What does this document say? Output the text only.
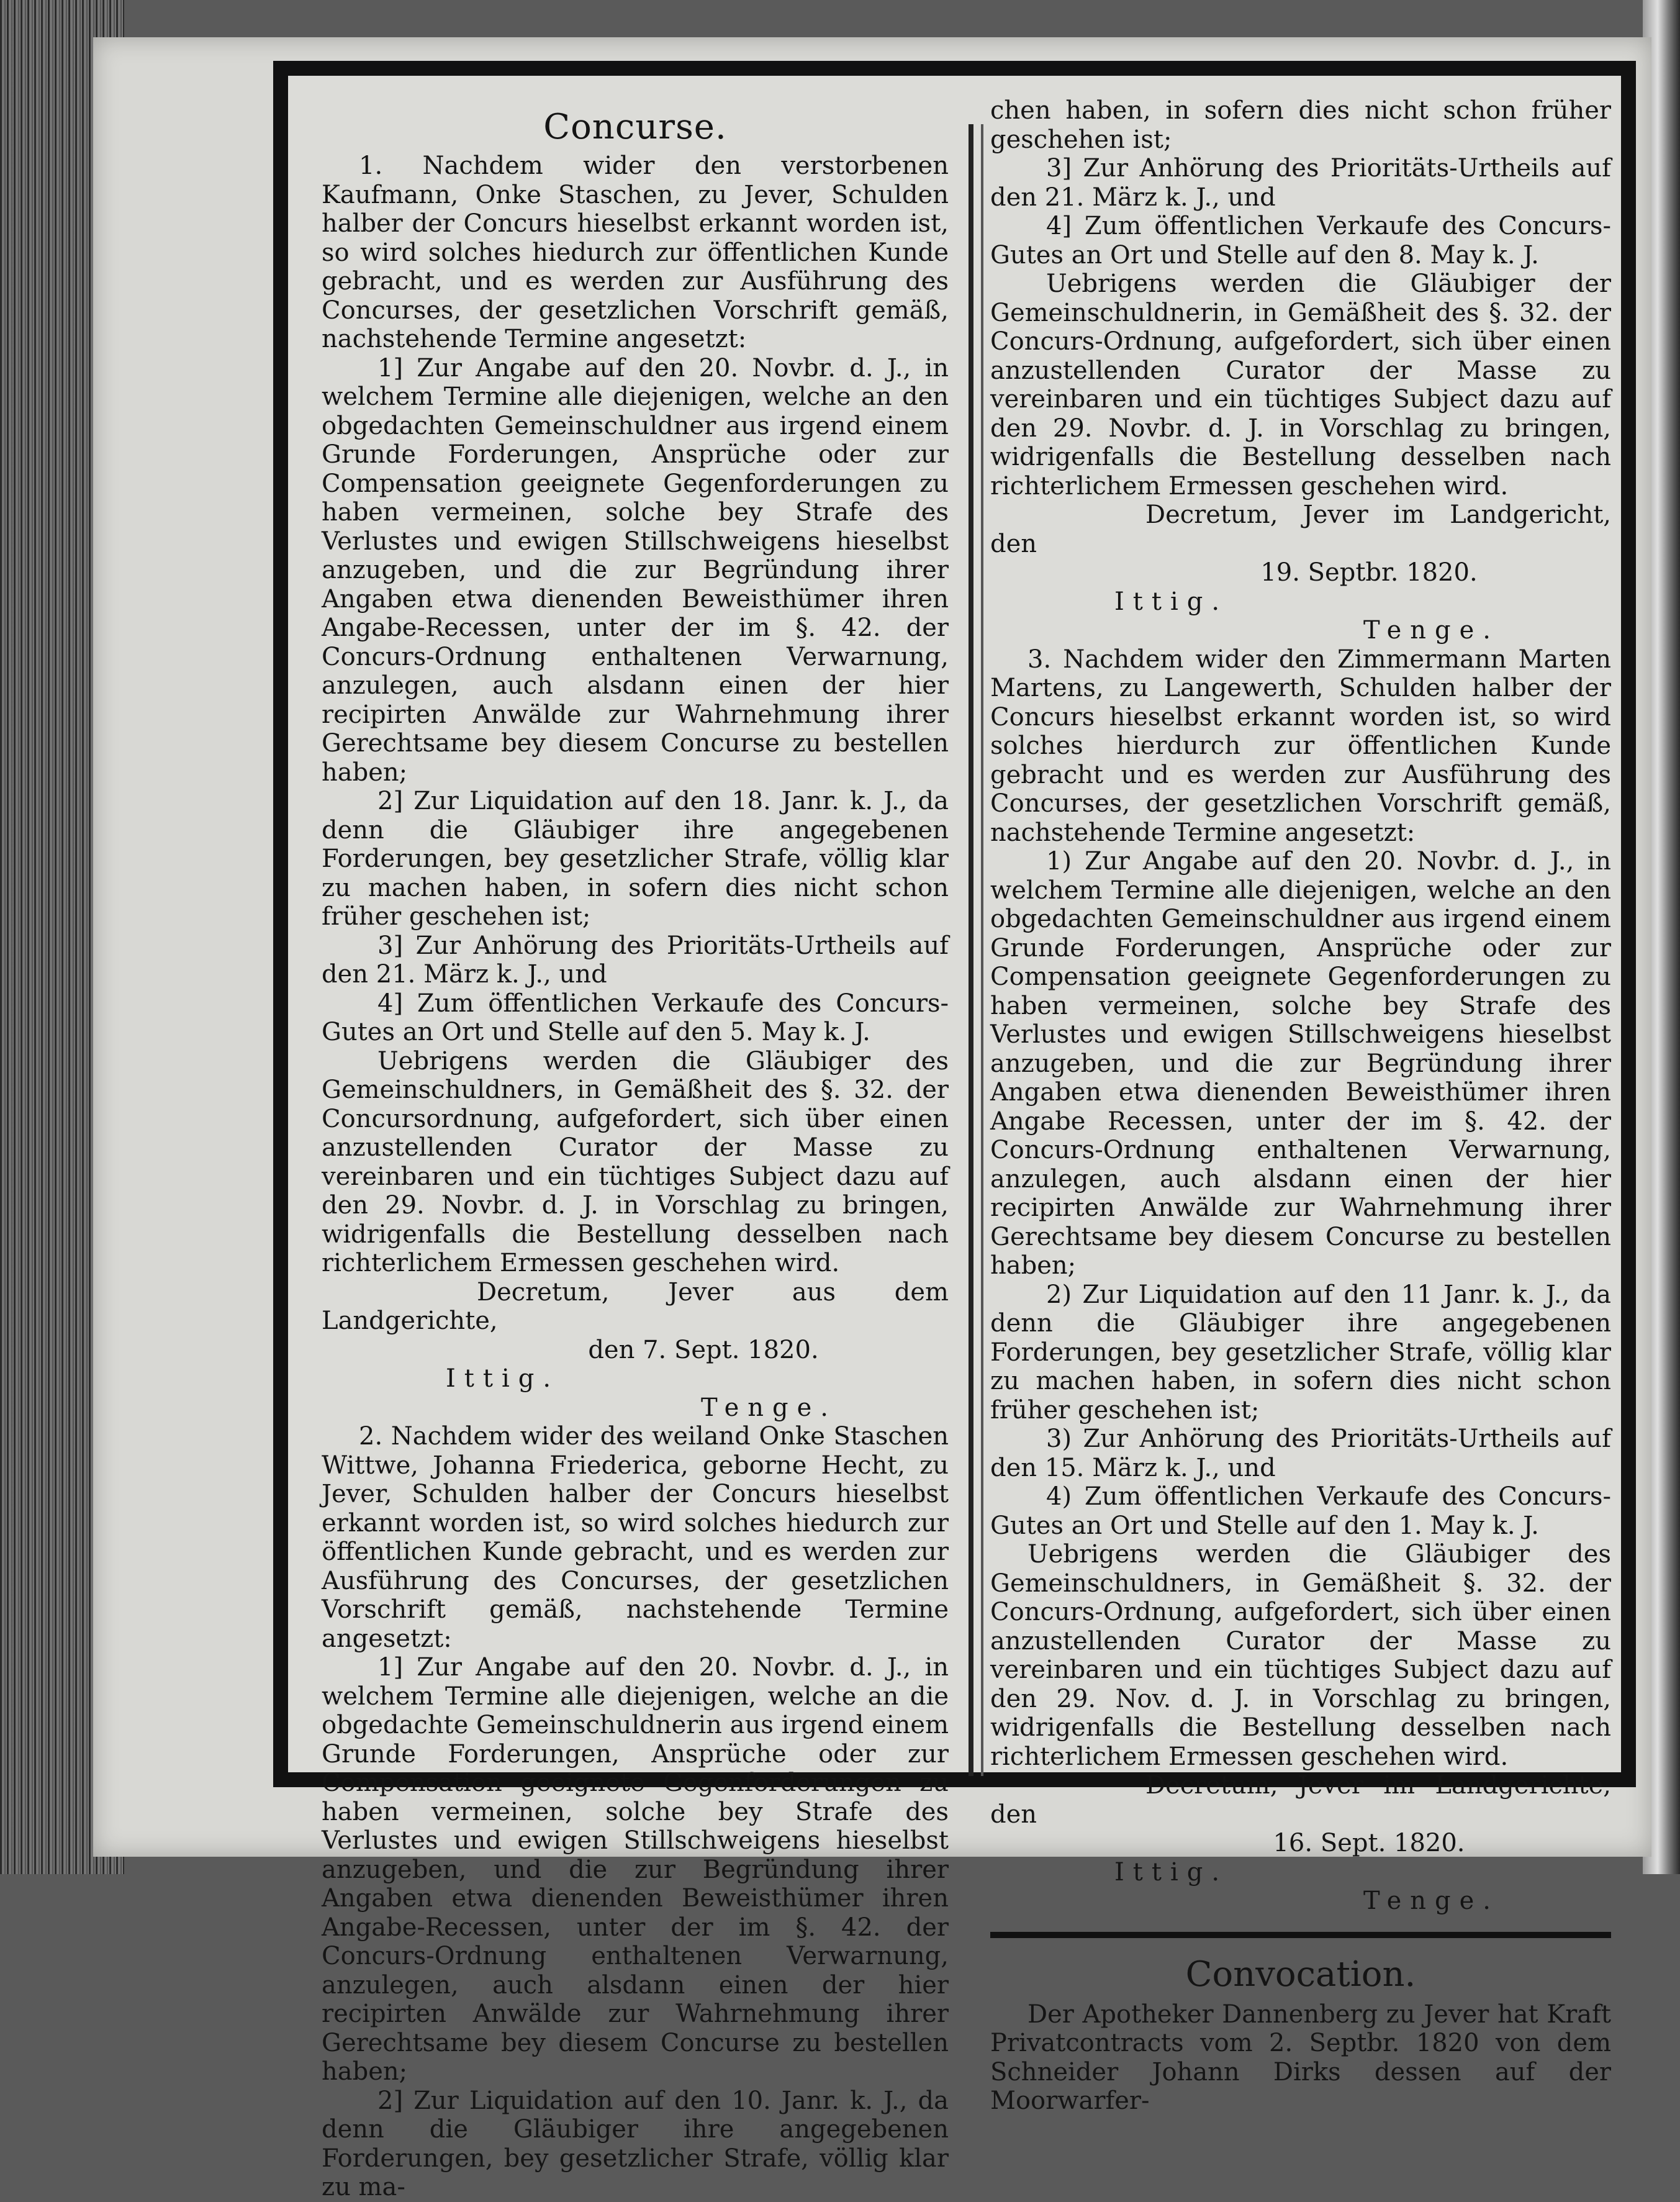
Concurse.

1. Nachdem wider den verstorbenen Kaufmann, Onke Staschen, zu Jever, Schulden halber der Concurs hieselbst erkannt worden ist, so wird solches hiedurch zur öffentlichen Kunde gebracht, und es werden zur Ausführung des Concurses, der gesetzlichen Vorschrift gemäß, nachstehende Termine angesetzt:

1] Zur Angabe auf den 20. Novbr. d. J., in welchem Termine alle diejenigen, welche an den obgedachten Gemeinschuldner aus irgend einem Grunde Forderungen, Ansprüche oder zur Compensation geeignete Gegenforderungen zu haben vermeinen, solche bey Strafe des Verlustes und ewigen Stillschweigens hieselbst anzugeben, und die zur Begründung ihrer Angaben etwa dienenden Beweisthümer ihren Angabe-Recessen, unter der im §. 42. der Concurs-Ordnung enthaltenen Verwarnung, anzulegen, auch alsdann einen der hier recipirten Anwälde zur Wahrnehmung ihrer Gerechtsame bey diesem Concurse zu bestellen haben;

2] Zur Liquidation auf den 18. Janr. k. J., da denn die Gläubiger ihre angegebenen Forderungen, bey gesetzlicher Strafe, völlig klar zu machen haben, in sofern dies nicht schon früher geschehen ist;

3] Zur Anhörung des Prioritäts-Urtheils auf den 21. März k. J., und

4] Zum öffentlichen Verkaufe des Concurs-Gutes an Ort und Stelle auf den 5. May k. J.

Uebrigens werden die Gläubiger des Gemeinschuldners, in Gemäßheit des §. 32. der Concursordnung, aufgefordert, sich über einen anzustellenden Curator der Masse zu vereinbaren und ein tüchtiges Subject dazu auf den 29. Novbr. d. J. in Vorschlag zu bringen, widrigenfalls die Bestellung desselben nach richterlichem Ermessen geschehen wird.

Decretum, Jever aus dem Landgerichte,

den 7. Sept. 1820.

Ittig.

Tenge.

2. Nachdem wider des weiland Onke Staschen Wittwe, Johanna Friederica, geborne Hecht, zu Jever, Schulden halber der Concurs hieselbst erkannt worden ist, so wird solches hiedurch zur öffentlichen Kunde gebracht, und es werden zur Ausführung des Concurses, der gesetzlichen Vorschrift gemäß, nachstehende Termine angesetzt:

1] Zur Angabe auf den 20. Novbr. d. J., in welchem Termine alle diejenigen, welche an die obgedachte Gemeinschuldnerin aus irgend einem Grunde Forderungen, Ansprüche oder zur Compensation geeignete Gegenforderungen zu haben vermeinen, solche bey Strafe des Verlustes und ewigen Stillschweigens hieselbst anzugeben, und die zur Begründung ihrer Angaben etwa dienenden Beweisthümer ihren Angabe-Recessen, unter der im §. 42. der Concurs-Ordnung enthaltenen Verwarnung, anzulegen, auch alsdann einen der hier recipirten Anwälde zur Wahrnehmung ihrer Gerechtsame bey diesem Concurse zu bestellen haben;

2] Zur Liquidation auf den 10. Janr. k. J., da denn die Gläubiger ihre angegebenen Forderungen, bey gesetzlicher Strafe, völlig klar zu ma-

chen haben, in sofern dies nicht schon früher geschehen ist;

3] Zur Anhörung des Prioritäts-Urtheils auf den 21. März k. J., und

4] Zum öffentlichen Verkaufe des Concurs-Gutes an Ort und Stelle auf den 8. May k. J.

Uebrigens werden die Gläubiger der Gemeinschuldnerin, in Gemäßheit des §. 32. der Concurs-Ordnung, aufgefordert, sich über einen anzustellenden Curator der Masse zu vereinbaren und ein tüchtiges Subject dazu auf den 29. Novbr. d. J. in Vorschlag zu bringen, widrigenfalls die Bestellung desselben nach richterlichem Ermessen geschehen wird.

Decretum, Jever im Landgericht, den

19. Septbr. 1820.

Ittig.

Tenge.

3. Nachdem wider den Zimmermann Marten Martens, zu Langewerth, Schulden halber der Concurs hieselbst erkannt worden ist, so wird solches hierdurch zur öffentlichen Kunde gebracht und es werden zur Ausführung des Concurses, der gesetzlichen Vorschrift gemäß, nachstehende Termine angesetzt:

1) Zur Angabe auf den 20. Novbr. d. J., in welchem Termine alle diejenigen, welche an den obgedachten Gemeinschuldner aus irgend einem Grunde Forderungen, Ansprüche oder zur Compensation geeignete Gegenforderungen zu haben vermeinen, solche bey Strafe des Verlustes und ewigen Stillschweigens hieselbst anzugeben, und die zur Begründung ihrer Angaben etwa dienenden Beweisthümer ihren Angabe Recessen, unter der im §. 42. der Concurs-Ordnung enthaltenen Verwarnung, anzulegen, auch alsdann einen der hier recipirten Anwälde zur Wahrnehmung ihrer Gerechtsame bey diesem Concurse zu bestellen haben;

2) Zur Liquidation auf den 11 Janr. k. J., da denn die Gläubiger ihre angegebenen Forderungen, bey gesetzlicher Strafe, völlig klar zu machen haben, in sofern dies nicht schon früher geschehen ist;

3) Zur Anhörung des Prioritäts-Urtheils auf den 15. März k. J., und

4) Zum öffentlichen Verkaufe des Concurs-Gutes an Ort und Stelle auf den 1. May k. J.

Uebrigens werden die Gläubiger des Gemeinschuldners, in Gemäßheit §. 32. der Concurs-Ordnung, aufgefordert, sich über einen anzustellenden Curator der Masse zu vereinbaren und ein tüchtiges Subject dazu auf den 29. Nov. d. J. in Vorschlag zu bringen, widrigenfalls die Bestellung desselben nach richterlichem Ermessen geschehen wird.

Decretum, Jever im Landgerichte, den

16. Sept. 1820.

Ittig.

Tenge.

Convocation.

Der Apotheker Dannenberg zu Jever hat Kraft Privatcontracts vom 2. Septbr. 1820 von dem Schneider Johann Dirks dessen auf der Moorwarfer-
